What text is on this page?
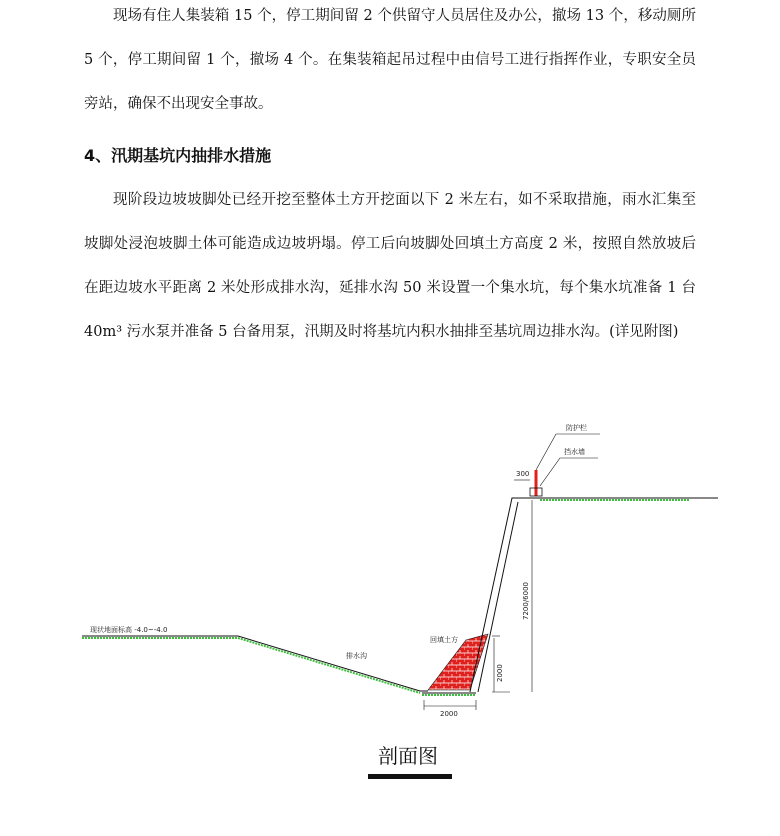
现场有住人集装箱 15 个，停工期间留 2 个供留守人员居住及办公，撤场 13 个，移动厕所 5 个，停工期间留 1 个，撤场 4 个。在集装箱起吊过程中由信号工进行指挥作业，专职安全员旁站，确保不出现安全事故。

4、汛期基坑内抽排水措施

现阶段边坡坡脚处已经开挖至整体土方开挖面以下 2 米左右，如不采取措施，雨水汇集至坡脚处浸泡坡脚土体可能造成边坡坍塌。停工后向坡脚处回填土方高度 2 米，按照自然放坡后在距边坡水平距离 2 米处形成排水沟，延排水沟 50 米设置一个集水坑，每个集水坑准备 1 台 40m³ 污水泵并准备 5 台备用泵，汛期及时将基坑内积水抽排至基坑周边排水沟。(详见附图)

防护栏
挡水墙
300
7200/6000
2000
2000
回填土方
现状地面标高 -4.0~-4.0
排水沟
剖面图
